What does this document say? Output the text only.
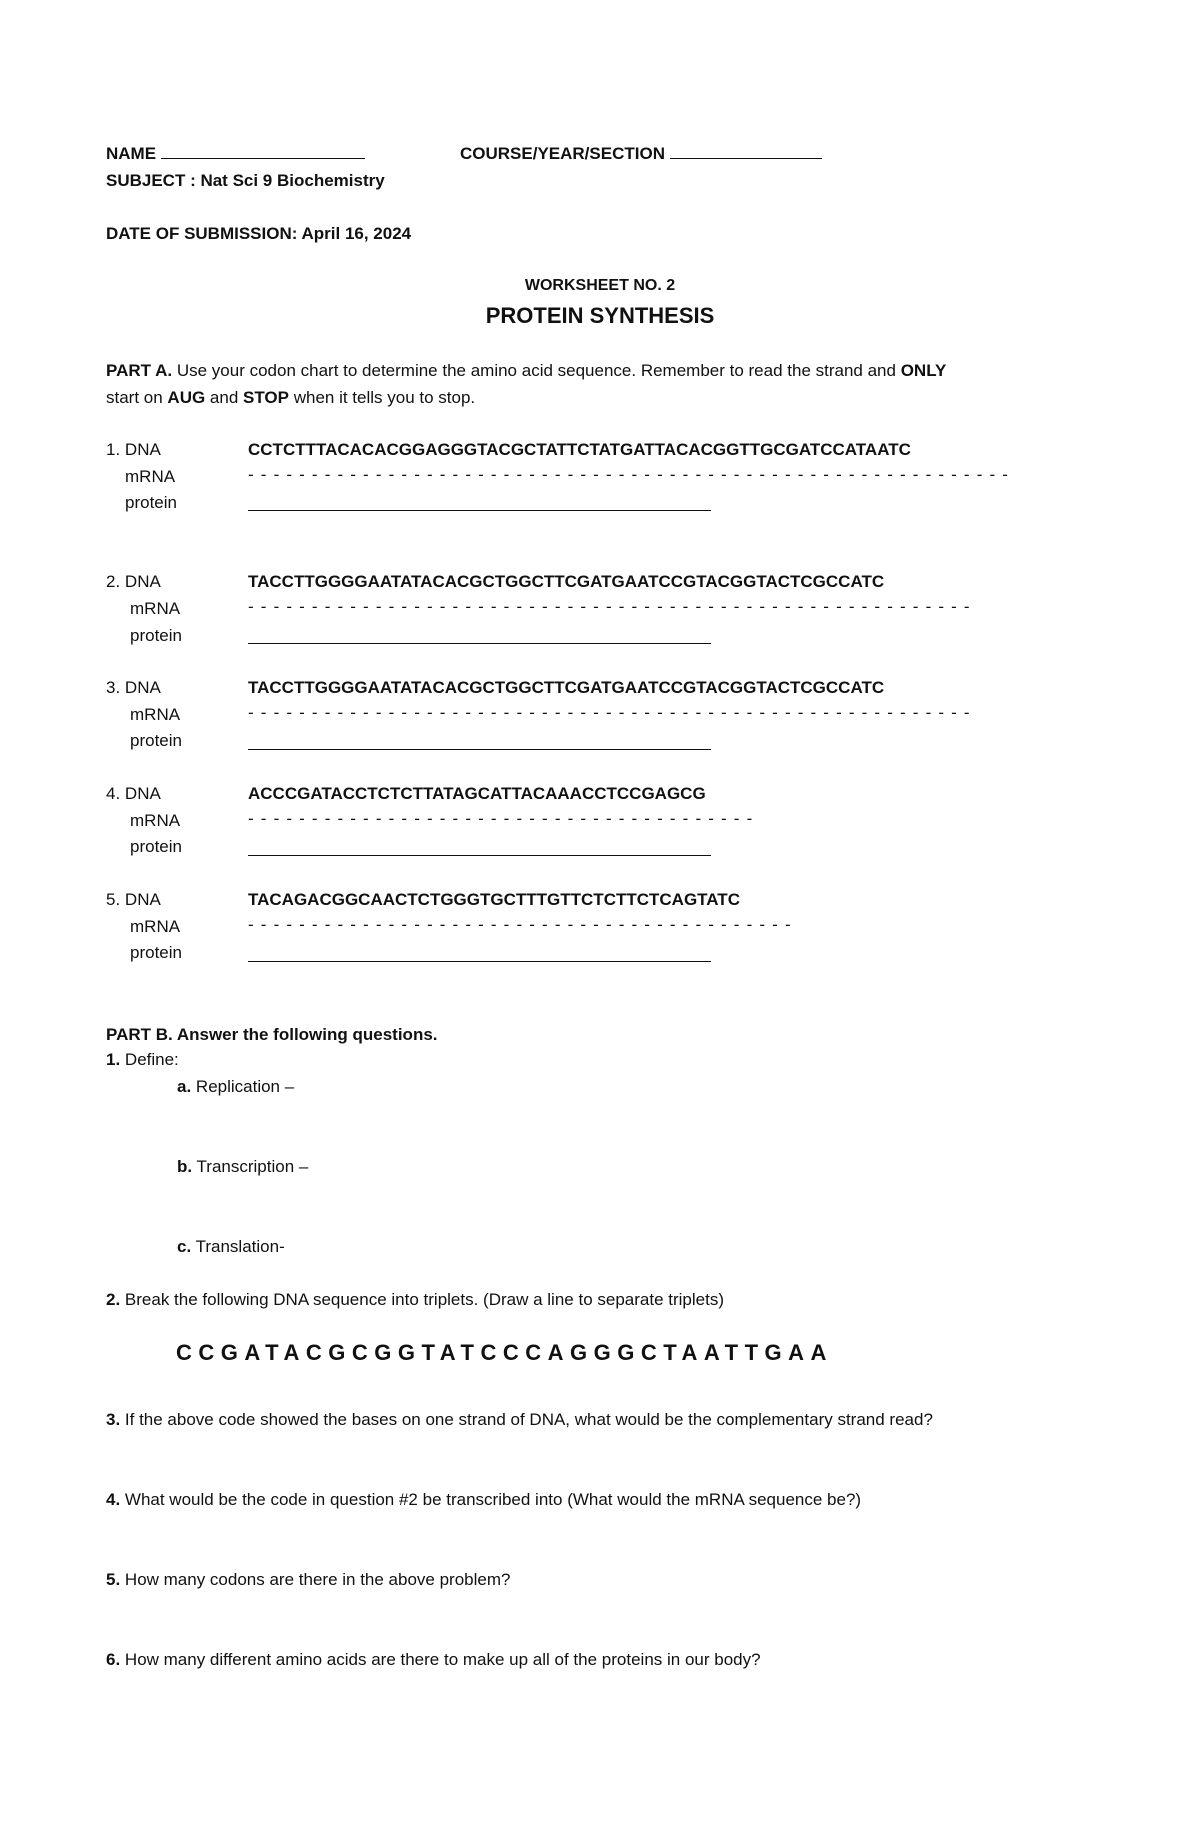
NAME	COURSE/YEAR/SECTION
SUBJECT : Nat Sci 9 Biochemistry
DATE OF SUBMISSION: April 16, 2024
WORKSHEET NO. 2
PROTEIN SYNTHESIS
PART A. Use your codon chart to determine the amino acid sequence. Remember to read the strand and ONLY
start on AUG and STOP when it tells you to stop.
1. DNA	CCTCTTTACACACGGAGGGTACGCTATTCTATGATTACACGGTTGCGATCCATAATC
mRNA	- - - - - - - - - - - - - - - - - - - - - - - - - - - - - - - - - - - - - - - - - - - - - - - - - - - - - - - - - - - -
protein
2. DNA	TACCTTGGGGAATATACACGCTGGCTTCGATGAATCCGTACGGTACTCGCCATC
mRNA	- - - - - - - - - - - - - - - - - - - - - - - - - - - - - - - - - - - - - - - - - - - - - - - - - - - - - - - - -
protein
3. DNA	TACCTTGGGGAATATACACGCTGGCTTCGATGAATCCGTACGGTACTCGCCATC
mRNA	- - - - - - - - - - - - - - - - - - - - - - - - - - - - - - - - - - - - - - - - - - - - - - - - - - - - - - - - -
protein
4. DNA	ACCCGATACCTCTCTTATAGCATTACAAACCTCCGAGCG
mRNA	- - - - - - - - - - - - - - - - - - - - - - - - - - - - - - - - - - - - - - - -
protein
5. DNA	TACAGACGGCAACTCTGGGTGCTTTGTTCTCTTCTCAGTATC
mRNA	- - - - - - - - - - - - - - - - - - - - - - - - - - - - - - - - - - - - - - - - - - -
protein
PART B. Answer the following questions.
1. Define:
a. Replication –
b. Transcription –
c. Translation-
2. Break the following DNA sequence into triplets. (Draw a line to separate triplets)
CCGATACGCGGTATCCCAGGGCTAATTGAA
3. If the above code showed the bases on one strand of DNA, what would be the complementary strand read?
4. What would be the code in question #2 be transcribed into (What would the mRNA sequence be?)
5. How many codons are there in the above problem?
6. How many different amino acids are there to make up all of the proteins in our body?
